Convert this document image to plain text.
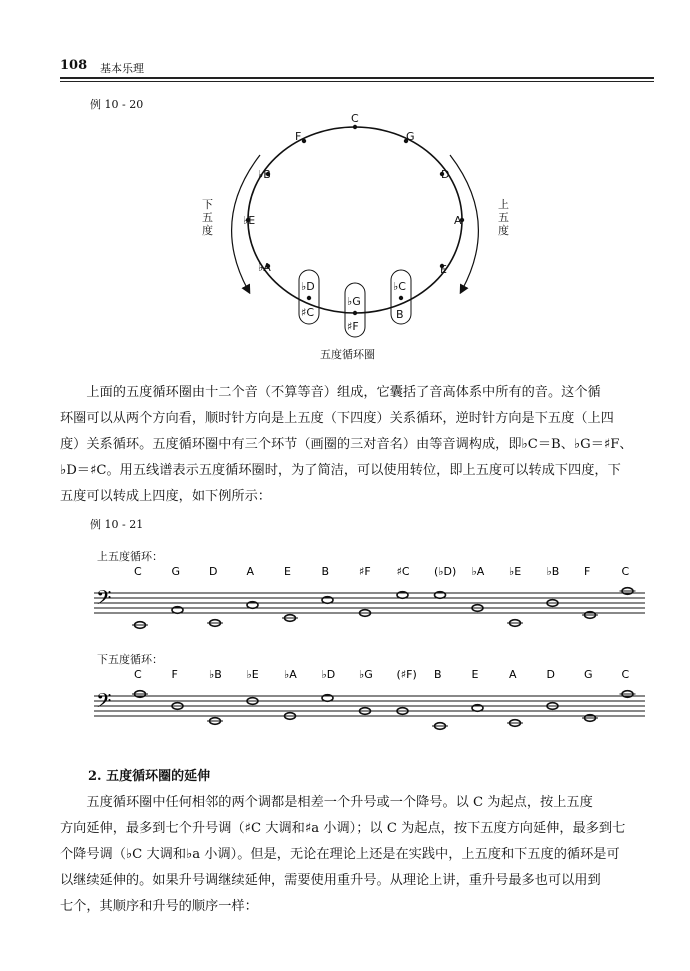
108 基本乐理
例 10 - 20
C
G
D
A
E
F
♭B
♭E
♭A
♭D
♯C
♭G
♯F
♭C
B
下
五
度
上
五
度
五度循环圈
上面的五度循环圈由十二个音（不算等音）组成，它囊括了音高体系中所有的音。这个循
环圈可以从两个方向看，顺时针方向是上五度（下四度）关系循环，逆时针方向是下五度（上四
度）关系循环。五度循环圈中有三个环节（画圈的三对音名）由等音调构成，即♭C＝B、♭G＝♯F、
♭D＝♯C。用五线谱表示五度循环圈时，为了简洁，可以使用转位，即上五度可以转成下四度，下
五度可以转成上四度，如下例所示：
例 10 - 21
上五度循环：
𝄢
C	G	D	A	E	B	♯F ♯C (♭D) ♭A ♭E ♭B F	C
下五度循环：
𝄢
C	F	♭B ♭E ♭A ♭D ♭G (♯F) B	E	A	D	G	C
2. 五度循环圈的延伸
五度循环圈中任何相邻的两个调都是相差一个升号或一个降号。以 C 为起点，按上五度
方向延伸，最多到七个升号调（♯C 大调和♯a 小调）；以 C 为起点，按下五度方向延伸，最多到七
个降号调（♭C 大调和♭a 小调）。但是，无论在理论上还是在实践中，上五度和下五度的循环是可
以继续延伸的。如果升号调继续延伸，需要使用重升号。从理论上讲，重升号最多也可以用到
七个，其顺序和升号的顺序一样：
